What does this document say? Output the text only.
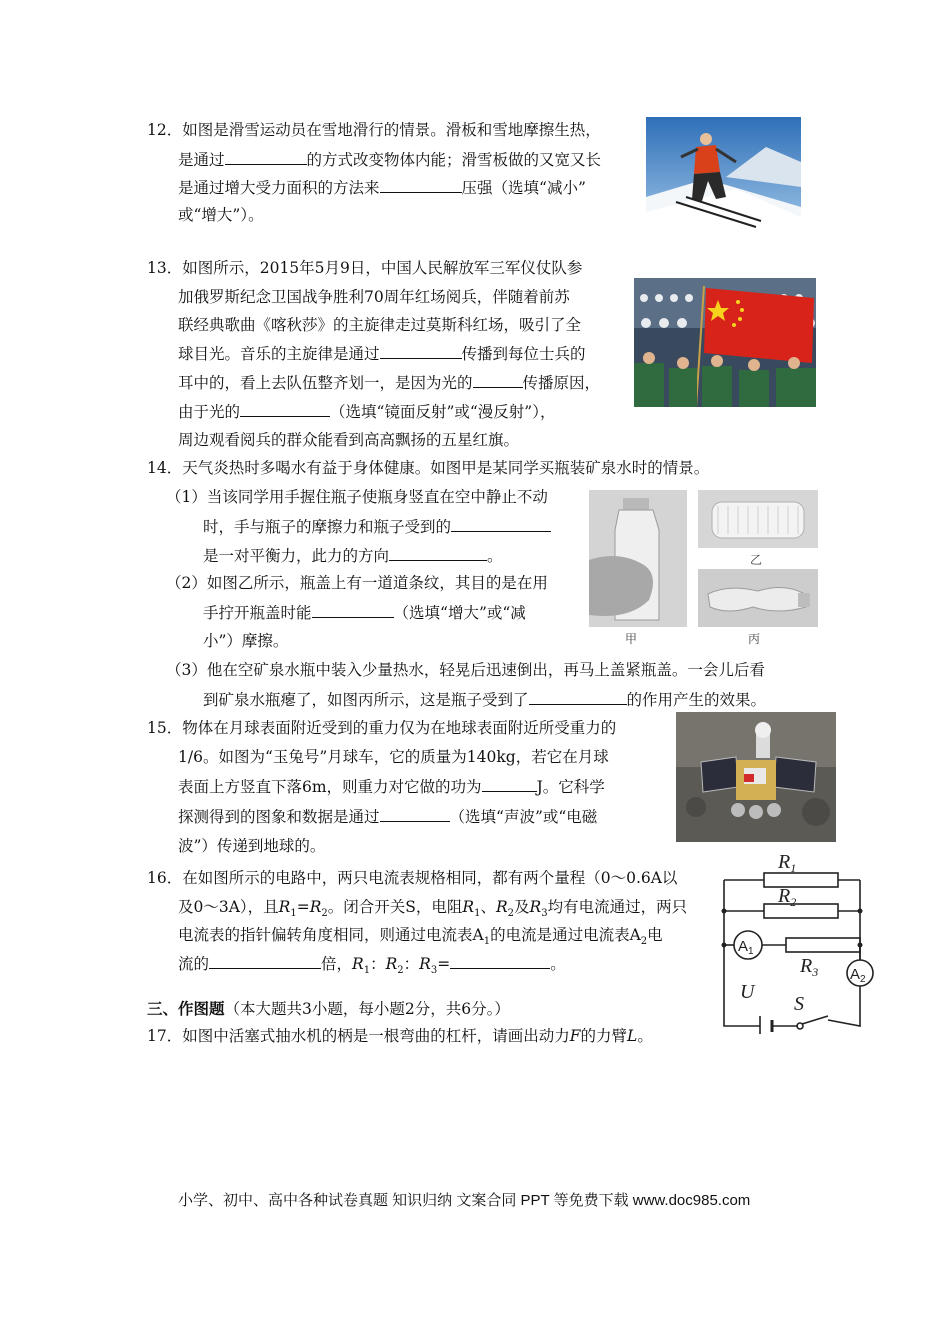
12．如图是滑雪运动员在雪地滑行的情景。滑板和雪地摩擦生热，
是通过	的方式改变物体内能；滑雪板做的又宽又长
是通过增大受力面积的方法来	压强（选填“减小”
或“增大”）。
13．如图所示，2015年5月9日，中国人民解放军三军仪仗队参
加俄罗斯纪念卫国战争胜利70周年红场阅兵，伴随着前苏
联经典歌曲《喀秋莎》的主旋律走过莫斯科红场，吸引了全
球目光。音乐的主旋律是通过	传播到每位士兵的
耳中的，看上去队伍整齐划一，是因为光的	传播原因，
由于光的	（选填“镜面反射”或“漫反射”），
周边观看阅兵的群众能看到高高飘扬的五星红旗。
14．天气炎热时多喝水有益于身体健康。如图甲是某同学买瓶装矿泉水时的情景。
（1）当该同学用手握住瓶子使瓶身竖直在空中静止不动
时，手与瓶子的摩擦力和瓶子受到的
是一对平衡力，此力的方向	。
（2）如图乙所示，瓶盖上有一道道条纹，其目的是在用
手拧开瓶盖时能	（选填“增大”或“减
小”）摩擦。
（3）他在空矿泉水瓶中装入少量热水，轻晃后迅速倒出，再马上盖紧瓶盖。一会儿后看
到矿泉水瓶瘪了，如图丙所示，这是瓶子受到了	的作用产生的效果。
甲
乙
丙
15．物体在月球表面附近受到的重力仅为在地球表面附近所受重力的
1/6。如图为“玉兔号”月球车，它的质量为140kg，若它在月球
表面上方竖直下落6m，则重力对它做的功为	J。它科学
探测得到的图象和数据是通过	（选填“声波”或“电磁
波”）传递到地球的。
16．在如图所示的电路中，两只电流表规格相同，都有两个量程（0～0.6A以
及0～3A），且$R_1=R_2$。闭合开关S，电阻$R_1$、$R_2$及$R_3$均有电流通过，两只
电流表的指针偏转角度相同，则通过电流表$A_1$的电流是通过电流表$A_2$电
流的	倍，$R_1$：$R_2$：$R_3=$	。
$R_1$
$R_2$
$R_3$
U
S
$A_1$
$A_2$
三、作图题（本大题共3小题，每小题2分，共6分。）
17．如图中活塞式抽水机的柄是一根弯曲的杠杆，请画出动力F的力臂L。
小学、初中、高中各种试卷真题 知识归纳 文案合同 PPT 等免费下载 www.doc985.com
